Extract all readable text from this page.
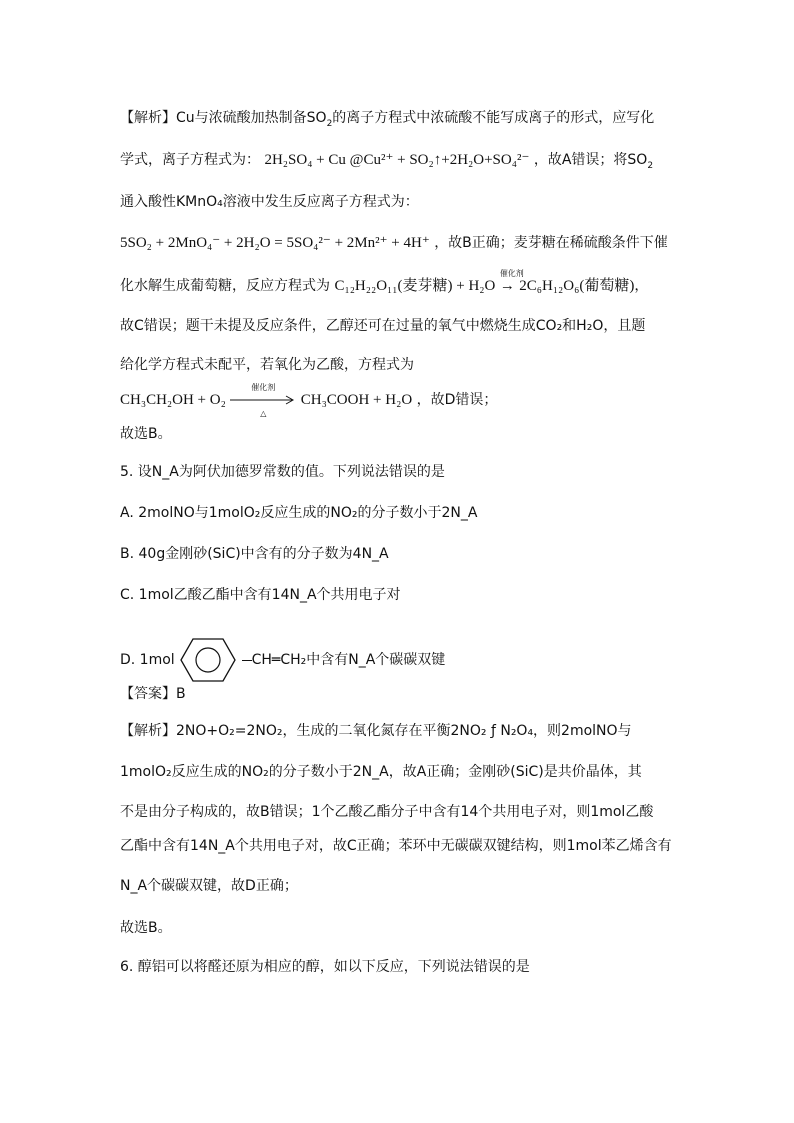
【解析】Cu与浓硫酸加热制备$SO_2$的离子方程式中浓硫酸不能写成离子的形式，应写化
学式，离子方程式为： 2H₂SO₄ + Cu @Cu²⁺ + SO₂↑+2H₂O+SO₄²⁻ ，故A错误；将$SO_2$
通入酸性KMnO₄溶液中发生反应离子方程式为：
5SO₂ + 2MnO₄⁻ + 2H₂O = 5SO₄²⁻ + 2Mn²⁺ + 4H⁺ ，故B正确；麦芽糖在稀硫酸条件下催
化水解生成葡萄糖，反应方程式为 C₁₂H₂₂O₁₁(麦芽糖) + H₂O
催化剂
→ 2C₆H₁₂O₆(葡萄糖)，
故C错误；题干未提及反应条件，乙醇还可在过量的氧气中燃烧生成CO₂和H₂O，且题
给化学方程式未配平，若氧化为乙酸，方程式为
CH₃CH₂OH + O₂
催化剂
△
CH₃COOH + H₂O ，故D错误；
故选B。
5. 设N_A为阿伏加德罗常数的值。下列说法错误的是
A. 2molNO与1molO₂反应生成的NO₂的分子数小于2N_A
B. 40g金刚砂(SiC)中含有的分子数为4N_A
C. 1mol乙酸乙酯中含有14N_A个共用电子对
D. 1mol	CH═CH₂中含有N_A个碳碳双键
【答案】B
【解析】2NO+O₂=2NO₂，生成的二氧化氮存在平衡2NO₂ ƒ N₂O₄，则2molNO与
1molO₂反应生成的NO₂的分子数小于2N_A，故A正确；金刚砂(SiC)是共价晶体，其
不是由分子构成的，故B错误；1个乙酸乙酯分子中含有14个共用电子对，则1mol乙酸
乙酯中含有14N_A个共用电子对，故C正确；苯环中无碳碳双键结构，则1mol苯乙烯含有
N_A个碳碳双键，故D正确；
故选B。
6. 醇铝可以将醛还原为相应的醇，如以下反应，下列说法错误的是
